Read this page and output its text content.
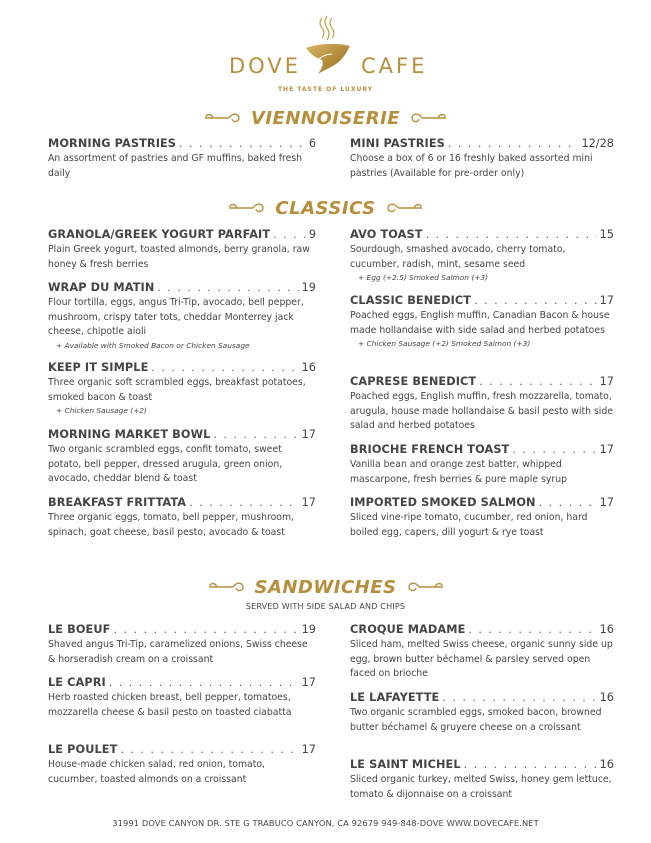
DOVE	CAFE
THE TASTE OF LUXURY
VIENNOISERIE
MORNING PASTRIES . . .	6
An assortment of pastries and GF muffins, baked fresh daily
MINI PASTRIES . . .	12/28
Choose a box of 6 or 16 freshly baked assorted mini pastries (Available for pre-order only)
CLASSICS
GRANOLA/GREEK YOGURT PARFAIT . . .	9
Plain Greek yogurt, toasted almonds, berry granola, raw honey & fresh berries
WRAP DU MATIN . . .	19
Flour tortilla, eggs, angus Tri-Tip, avocado, bell pepper, mushroom, crispy tater tots, cheddar Monterrey jack cheese, chipotle aioli
+ Available with Smoked Bacon or Chicken Sausage
KEEP IT SIMPLE . . .	16
Three organic soft scrambled eggs, breakfast potatoes, smoked bacon & toast
+ Chicken Sausage (+2)
MORNING MARKET BOWL . . .	17
Two organic scrambled eggs, confit tomato, sweet potato, bell pepper, dressed arugula, green onion, avocado, cheddar blend & toast
BREAKFAST FRITTATA . . .	17
Three organic eggs, tomato, bell pepper, mushroom, spinach, goat cheese, basil pesto, avocado & toast
AVO TOAST . . .	15
Sourdough, smashed avocado, cherry tomato, cucumber, radish, mint, sesame seed
+ Egg (+2.5) Smoked Salmon (+3)
CLASSIC BENEDICT . . .	17
Poached eggs, English muffin, Canadian Bacon & house made hollandaise with side salad and herbed potatoes
+ Chicken Sausage (+2) Smoked Salmon (+3)
CAPRESE BENEDICT . . .	17
Poached eggs, English muffin, fresh mozzarella, tomato, arugula, house made hollandaise & basil pesto with side salad and herbed potatoes
BRIOCHE FRENCH TOAST . . .	17
Vanilla bean and orange zest batter, whipped mascarpone, fresh berries & pure maple syrup
IMPORTED SMOKED SALMON . . .	17
Sliced vine-ripe tomato, cucumber, red onion, hard boiled egg, capers, dill yogurt & rye toast
SANDWICHES
SERVED WITH SIDE SALAD AND CHIPS
LE BOEUF . . .	19
Shaved angus Tri-Tip, caramelized onions, Swiss cheese & horseradish cream on a croissant
LE CAPRI . . .	17
Herb roasted chicken breast, bell pepper, tomatoes, mozzarella cheese & basil pesto on toasted ciabatta
LE POULET . . .	17
House-made chicken salad, red onion, tomato, cucumber, toasted almonds on a croissant
CROQUE MADAME . . .	16
Sliced ham, melted Swiss cheese, organic sunny side up egg, brown butter béchamel & parsley served open faced on brioche
LE LAFAYETTE . . .	16
Two organic scrambled eggs, smoked bacon, browned butter béchamel & gruyere cheese on a croissant
LE SAINT MICHEL . . .	16
Sliced organic turkey, melted Swiss, honey gem lettuce, tomato & dijonnaise on a croissant
31991 DOVE CANYON DR. STE G TRABUCO CANYON, CA 92679 949-848-DOVE WWW.DOVECAFE.NET
